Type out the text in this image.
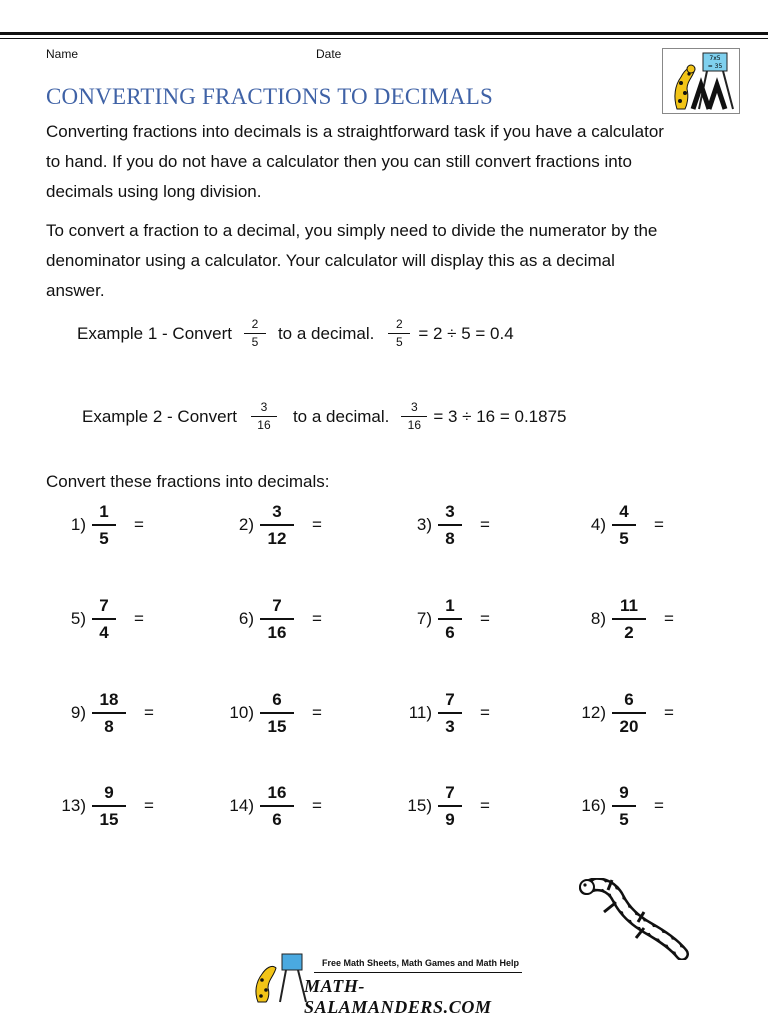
Name	Date	7x5
= 35
CONVERTING FRACTIONS TO DECIMALS
Converting fractions into decimals is a straightforward task if you have a calculator
to hand. If you do not have a calculator then you can still convert fractions into
decimals using long division.
To convert a fraction to a decimal, you simply need to divide the numerator by the
denominator using a calculator. Your calculator will display this as a decimal
answer.
Example 1 - Convert 2
5 to a decimal. 2
5 = 2 ÷ 5 = 0.4
Example 2 - Convert 3
16 to a decimal. 3
16 = 3 ÷ 16 = 0.1875
Convert these fractions into decimals:
1)
1
5
=	2)
3
12
=	3)
3
8
=	4)
4
5
=
5)
7
4
=	6)
7
16
=	7)
1
6
=	8)
11
2
=
9)
18
8
=	10)
6
15
=	11)
7
3
=	12)
6
20
=
13)
9
15
=	14)
16
6
=	15)
7
9
=	16)
9
5
=
Free Math Sheets, Math Games and Math Help
MATH-SALAMANDERS.COM
